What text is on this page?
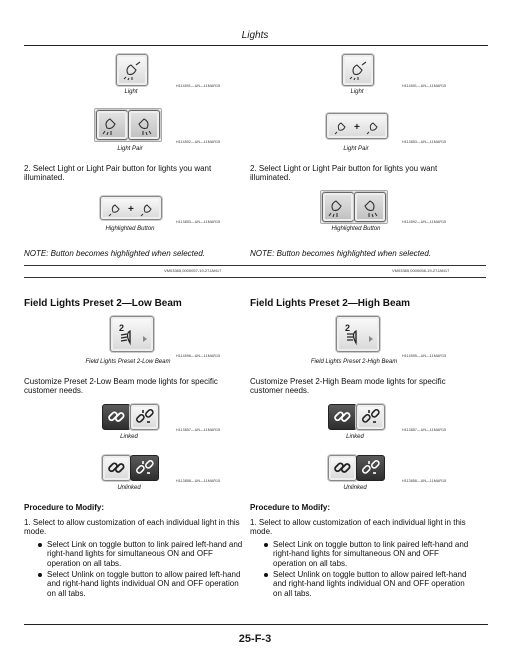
Lights
H114591—UN—11MAR15
Light
H114592—UN—11MAR15
Light Pair
2. Select Light or Light Pair button for lights you want illuminated.
+
H113853—UN—11MAR15
Highlighted Button
NOTE: Button becomes highlighted when selected.
VM03365,0000057-19-27JAN17
Field Lights Preset 2—Low Beam
2
H114596—UN—11MAR15
Field Lights Preset 2-Low Beam
Customize Preset 2-Low Beam mode lights for specific customer needs.
H113857—UN—11MAR15
Linked
H113858—UN—11MAR15
Unlinked
Procedure to Modify:
1. Select to allow customization of each individual light in this mode.
Select Link on toggle button to link paired left-hand and right-hand lights for simultaneous ON and OFF operation on all tabs.
Select Unlink on toggle button to allow paired left-hand and right-hand lights individual ON and OFF operation on all tabs.
H114591—UN—11MAR15
Light
+
H113853—UN—11MAR15
Light Pair
2. Select Light or Light Pair button for lights you want illuminated.
H114592—UN—11MAR15
Highlighted Button
NOTE: Button becomes highlighted when selected.
VM03365,0000058-19-27JAN17
Field Lights Preset 2—High Beam
2
H114595—UN—11MAR15
Field Lights Preset 2-High Beam
Customize Preset 2-High Beam mode lights for specific customer needs.
H113857—UN—11MAR15
Linked
H113858—UN—11MAR15
Unlinked
Procedure to Modify:
1. Select to allow customization of each individual light in this mode.
Select Link on toggle button to link paired left-hand and right-hand lights for simultaneous ON and OFF operation on all tabs.
Select Unlink on toggle button to allow paired left-hand and right-hand lights individual ON and OFF operation on all tabs.
25-F-3
